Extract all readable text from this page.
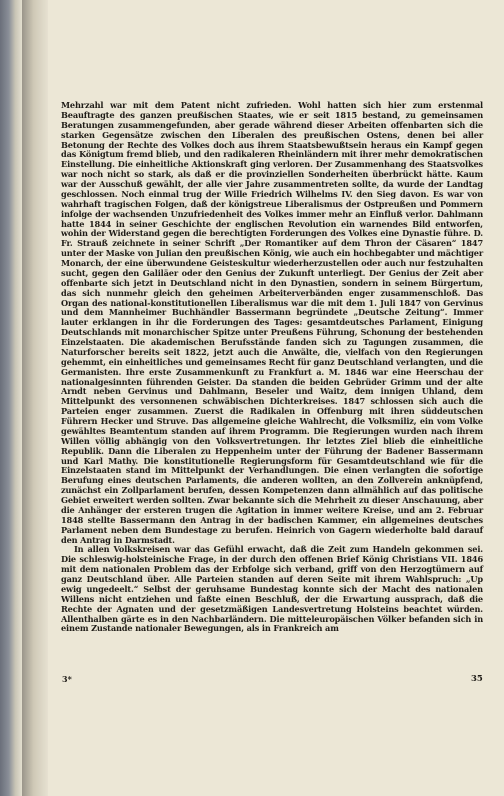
Mehrzahl war mit dem Patent nicht zufrieden. Wohl hatten sich hier zum erstenmal Beauftragte des ganzen preußischen Staates, wie er seit 1815 bestand, zu gemeinsamen Beratungen zusammengefunden, aber gerade während dieser Arbeiten offenbarten sich die starken Gegensätze zwischen den Liberalen des preußischen Ostens, denen bei aller Betonung der Rechte des Volkes doch aus ihrem Staatsbewußtsein heraus ein Kampf gegen das Königtum fremd blieb, und den radikaleren Rheinländern mit ihrer mehr demokratischen Einstellung. Die einheitliche Aktionskraft ging verloren. Der Zusammenhang des Staatsvolkes war noch nicht so stark, als daß er die provinziellen Sonderheiten überbrückt hätte. Kaum war der Ausschuß gewählt, der alle vier Jahre zusammentreten sollte, da wurde der Landtag geschlossen. Noch einmal trug der Wille Friedrich Wilhelms IV. den Sieg davon. Es war von wahrhaft tragischen Folgen, daß der königstreue Liberalismus der Ostpreußen und Pommern infolge der wachsenden Unzufriedenheit des Volkes immer mehr an Einfluß verlor. Dahlmann hatte 1844 in seiner Geschichte der englischen Revolution ein warnendes Bild entworfen, wohin der Widerstand gegen die berechtigten Forderungen des Volkes eine Dynastie führe. D. Fr. Strauß zeichnete in seiner Schrift „Der Romantiker auf dem Thron der Cäsaren“ 1847 unter der Maske von Julian den preußischen König, wie auch ein hochbegabter und mächtiger Monarch, der eine überwundene Geisteskultur wiederherzustellen oder auch nur festzuhalten sucht, gegen den Galiläer oder den Genius der Zukunft unterliegt. Der Genius der Zeit aber offenbarte sich jetzt in Deutschland nicht in den Dynastien, sondern in seinem Bürgertum, das sich nunmehr gleich den geheimen Arbeiterverbänden enger zusammenschloß. Das Organ des national-konstitutionellen Liberalismus war die mit dem 1. Juli 1847 von Gervinus und dem Mannheimer Buchhändler Bassermann begründete „Deutsche Zeitung“. Immer lauter erklangen in ihr die Forderungen des Tages: gesamtdeutsches Parlament, Einigung Deutschlands mit monarchischer Spitze unter Preußens Führung, Schonung der bestehenden Einzelstaaten. Die akademischen Berufsstände fanden sich zu Tagungen zusammen, die Naturforscher bereits seit 1822, jetzt auch die Anwälte, die, vielfach von den Regierungen gehemmt, ein einheitliches und gemeinsames Recht für ganz Deutschland verlangten, und die Germanisten. Ihre erste Zusammenkunft zu Frankfurt a. M. 1846 war eine Heerschau der nationalgesinnten führenden Geister. Da standen die beiden Gebrüder Grimm und der alte Arndt neben Gervinus und Dahlmann, Beseler und Waitz, dem innigen Uhland, dem Mittelpunkt des versonnenen schwäbischen Dichterkreises. 1847 schlossen sich auch die Parteien enger zusammen. Zuerst die Radikalen in Offenburg mit ihren süddeutschen Führern Hecker und Struve. Das allgemeine gleiche Wahlrecht, die Volksmiliz, ein vom Volke gewähltes Beamtentum standen auf ihrem Programm. Die Regierungen wurden nach ihrem Willen völlig abhängig von den Volksvertretungen. Ihr letztes Ziel blieb die einheitliche Republik. Dann die Liberalen zu Heppenheim unter der Führung der Badener Bassermann und Karl Mathy. Die konstitutionelle Regierungsform für Gesamtdeutschland wie für die Einzelstaaten stand im Mittelpunkt der Verhandlungen. Die einen verlangten die sofortige Berufung eines deutschen Parlaments, die anderen wollten, an den Zollverein anknüpfend, zunächst ein Zollparlament berufen, dessen Kompetenzen dann allmählich auf das politische Gebiet erweitert werden sollten. Zwar bekannte sich die Mehrheit zu dieser Anschauung, aber die Anhänger der ersteren trugen die Agitation in immer weitere Kreise, und am 2. Februar 1848 stellte Bassermann den Antrag in der badischen Kammer, ein allgemeines deutsches Parlament neben dem Bundestage zu berufen. Heinrich von Gagern wiederholte bald darauf den Antrag in Darmstadt.

In allen Volkskreisen war das Gefühl erwacht, daß die Zeit zum Handeln gekommen sei. Die schleswig-holsteinische Frage, in der durch den offenen Brief König Christians VII. 1846 mit dem nationalen Problem das der Erbfolge sich verband, griff von den Herzogtümern auf ganz Deutschland über. Alle Parteien standen auf deren Seite mit ihrem Wahlspruch: „Up ewig ungedeelt.“ Selbst der geruhsame Bundestag konnte sich der Macht des nationalen Willens nicht entziehen und faßte einen Beschluß, der die Erwartung aussprach, daß die Rechte der Agnaten und der gesetzmäßigen Landesvertretung Holsteins beachtet würden. Allenthalben gärte es in den Nachbarländern. Die mitteleuropäischen Völker befanden sich in einem Zustande nationaler Bewegungen, als in Frankreich am

3*	35
